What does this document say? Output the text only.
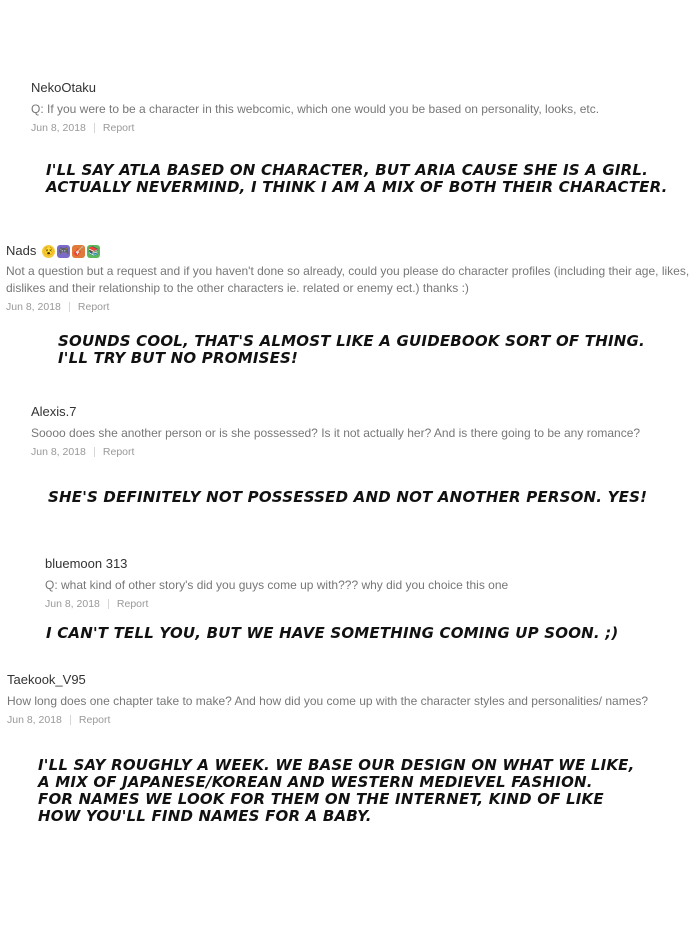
NekoOtaku
Q: If you were to be a character in this webcomic, which one would you be based on personality, looks, etc.
Jun 8, 2018 Report
I'LL SAY ATLA BASED ON CHARACTER, BUT ARIA CAUSE SHE IS A GIRL.
ACTUALLY NEVERMIND, I THINK I AM A MIX OF BOTH THEIR CHARACTER.
Nads 😵 🎮 🎸 📚
Not a question but a request and if you haven't done so already, could you please do character profiles (including their age, likes, dislikes and their relationship to the other characters ie. related or enemy ect.) thanks :)
Jun 8, 2018 Report
SOUNDS COOL, THAT'S ALMOST LIKE A GUIDEBOOK SORT OF THING.
I'LL TRY BUT NO PROMISES!
Alexis.7
Soooo does she another person or is she possessed? Is it not actually her? And is there going to be any romance?
Jun 8, 2018 Report
SHE'S DEFINITELY NOT POSSESSED AND NOT ANOTHER PERSON. YES!
bluemoon 313
Q: what kind of other story's did you guys come up with??? why did you choice this one
Jun 8, 2018 Report
I CAN'T TELL YOU, BUT WE HAVE SOMETHING COMING UP SOON. ;)
Taekook_V95
How long does one chapter take to make? And how did you come up with the character styles and personalities/ names?
Jun 8, 2018 Report
I'LL SAY ROUGHLY A WEEK. WE BASE OUR DESIGN ON WHAT WE LIKE,
A MIX OF JAPANESE/KOREAN AND WESTERN MEDIEVEL FASHION.
FOR NAMES WE LOOK FOR THEM ON THE INTERNET, KIND OF LIKE
HOW YOU'LL FIND NAMES FOR A BABY.
